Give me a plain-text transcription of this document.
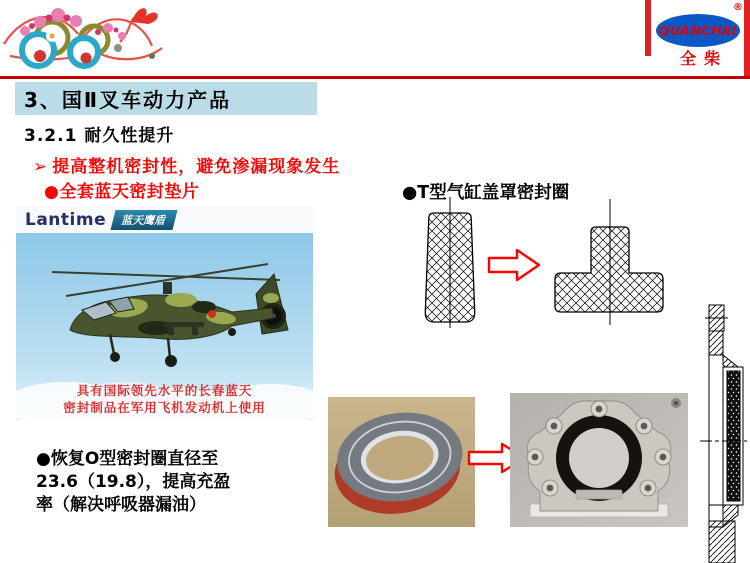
QUANCHAI
®
全柴
3、国Ⅱ叉车动力产品
3.2.1 耐久性提升
➢ 提高整机密封性，避免渗漏现象发生
●全套蓝天密封垫片	●T型气缸盖罩密封圈
Lantime	蓝天鹰盾
具有国际领先水平的长春蓝天
密封制品在军用飞机发动机上使用
●恢复O型密封圈直径至
23.6（19.8），提高充盈
率（解决呼吸器漏油）
